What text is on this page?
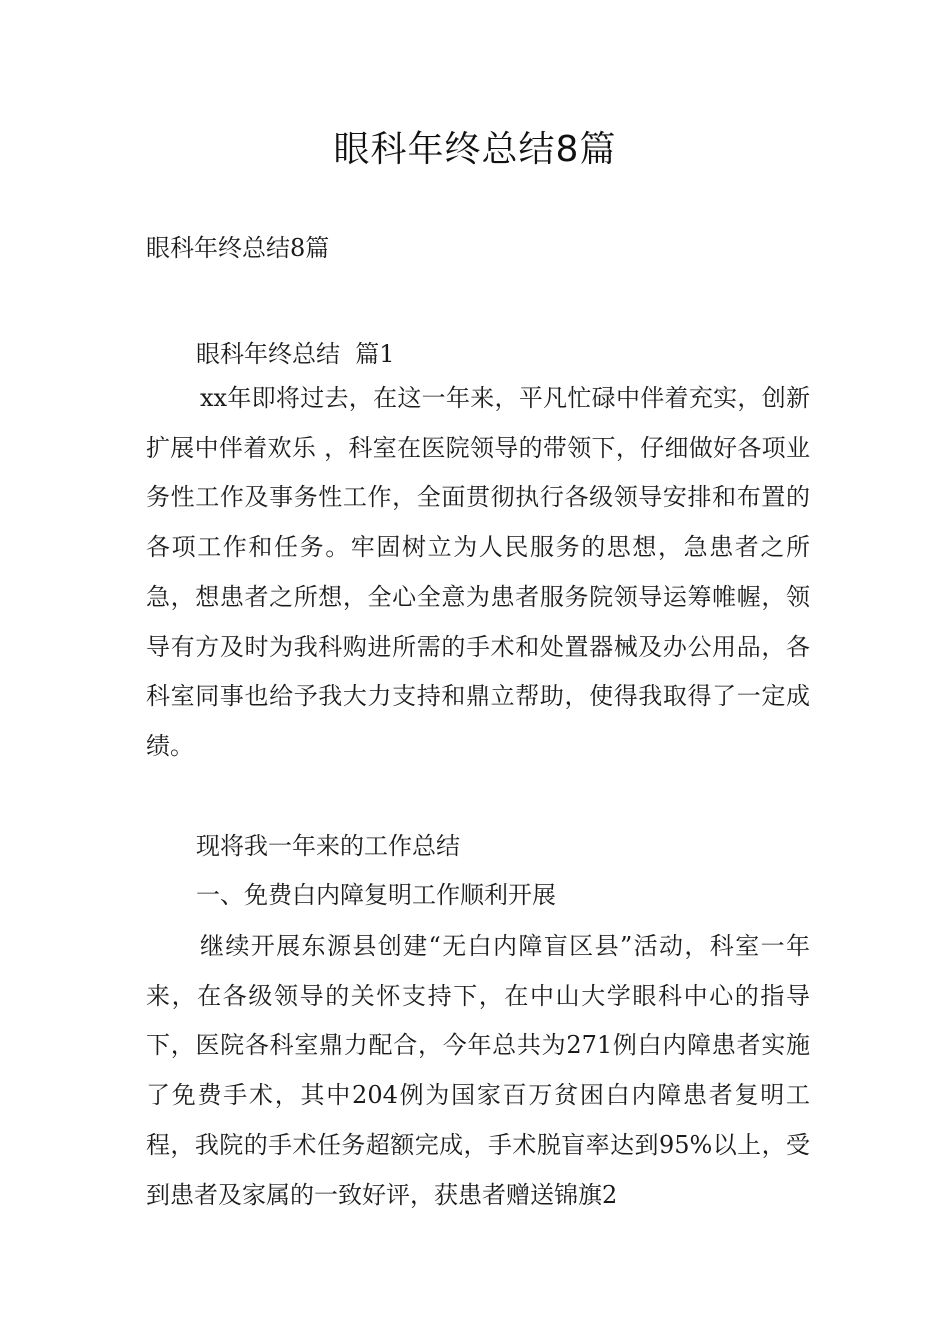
眼科年终总结8篇
眼科年终总结8篇

眼科年终总结  篇1

xx年即将过去，在这一年来，平凡忙碌中伴着充实，创新扩展中伴着欢乐 ，科室在医院领导的带领下，仔细做好各项业务性工作及事务性工作，全面贯彻执行各级领导安排和布置的各项工作和任务。牢固树立为人民服务的思想，急患者之所急，想患者之所想，全心全意为患者服务院领导运筹帷幄，领导有方及时为我科购进所需的手术和处置器械及办公用品，各科室同事也给予我大力支持和鼎立帮助，使得我取得了一定成绩。

现将我一年来的工作总结

一、免费白内障复明工作顺利开展

继续开展东源县创建“无白内障盲区县”活动，科室一年来，在各级领导的关怀支持下，在中山大学眼科中心的指导下，医院各科室鼎力配合，今年总共为271例白内障患者实施了免费手术，其中204例为国家百万贫困白内障患者复明工程，我院的手术任务超额完成，手术脱盲率达到95%以上，受到患者及家属的一致好评，获患者赠送锦旗2
